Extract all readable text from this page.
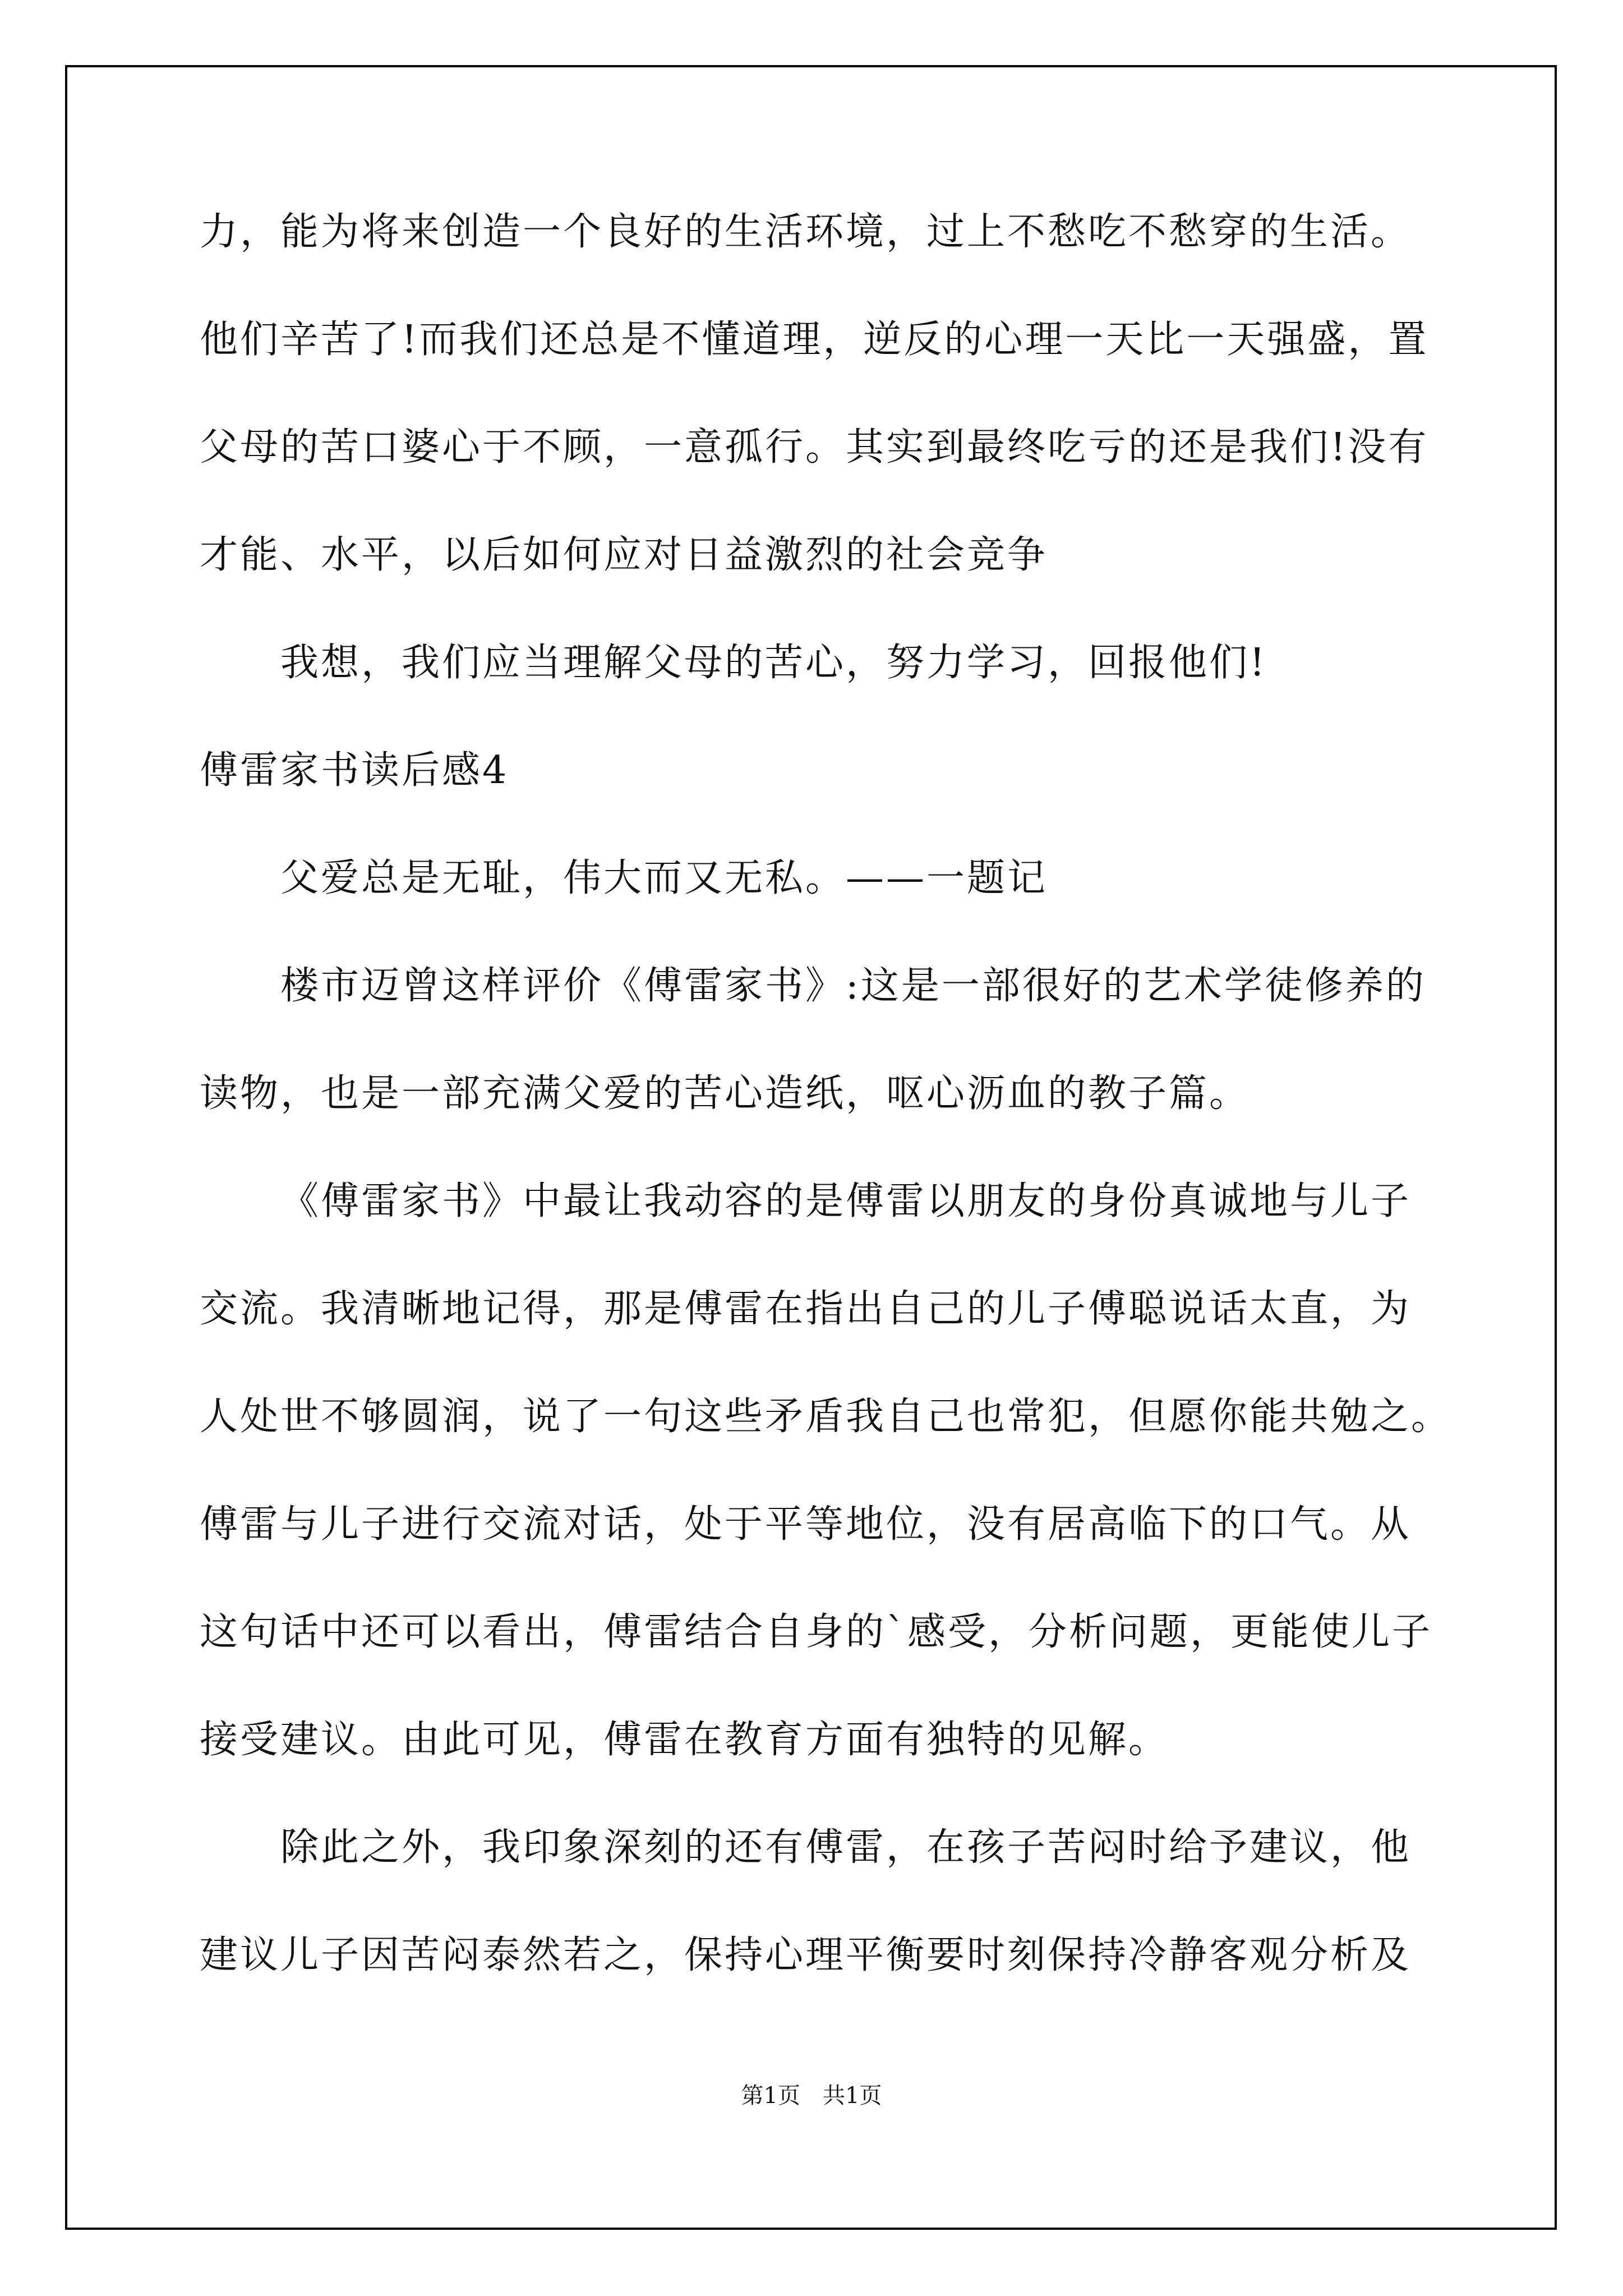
力，能为将来创造一个良好的生活环境，过上不愁吃不愁穿的生活。
他们辛苦了!而我们还总是不懂道理，逆反的心理一天比一天强盛，置
父母的苦口婆心于不顾，一意孤行。其实到最终吃亏的还是我们!没有
才能、水平，以后如何应对日益激烈的社会竞争
我想，我们应当理解父母的苦心，努力学习，回报他们!
傅雷家书读后感4
父爱总是无耻，伟大而又无私。——一题记
楼市迈曾这样评价《傅雷家书》:这是一部很好的艺术学徒修养的
读物，也是一部充满父爱的苦心造纸，呕心沥血的教子篇。
《傅雷家书》中最让我动容的是傅雷以朋友的身份真诚地与儿子
交流。我清晰地记得，那是傅雷在指出自己的儿子傅聪说话太直，为
人处世不够圆润，说了一句这些矛盾我自己也常犯，但愿你能共勉之。
傅雷与儿子进行交流对话，处于平等地位，没有居高临下的口气。从
这句话中还可以看出，傅雷结合自身的`感受，分析问题，更能使儿子
接受建议。由此可见，傅雷在教育方面有独特的见解。
除此之外，我印象深刻的还有傅雷，在孩子苦闷时给予建议，他
建议儿子因苦闷泰然若之，保持心理平衡要时刻保持冷静客观分析及
第1页　共1页
